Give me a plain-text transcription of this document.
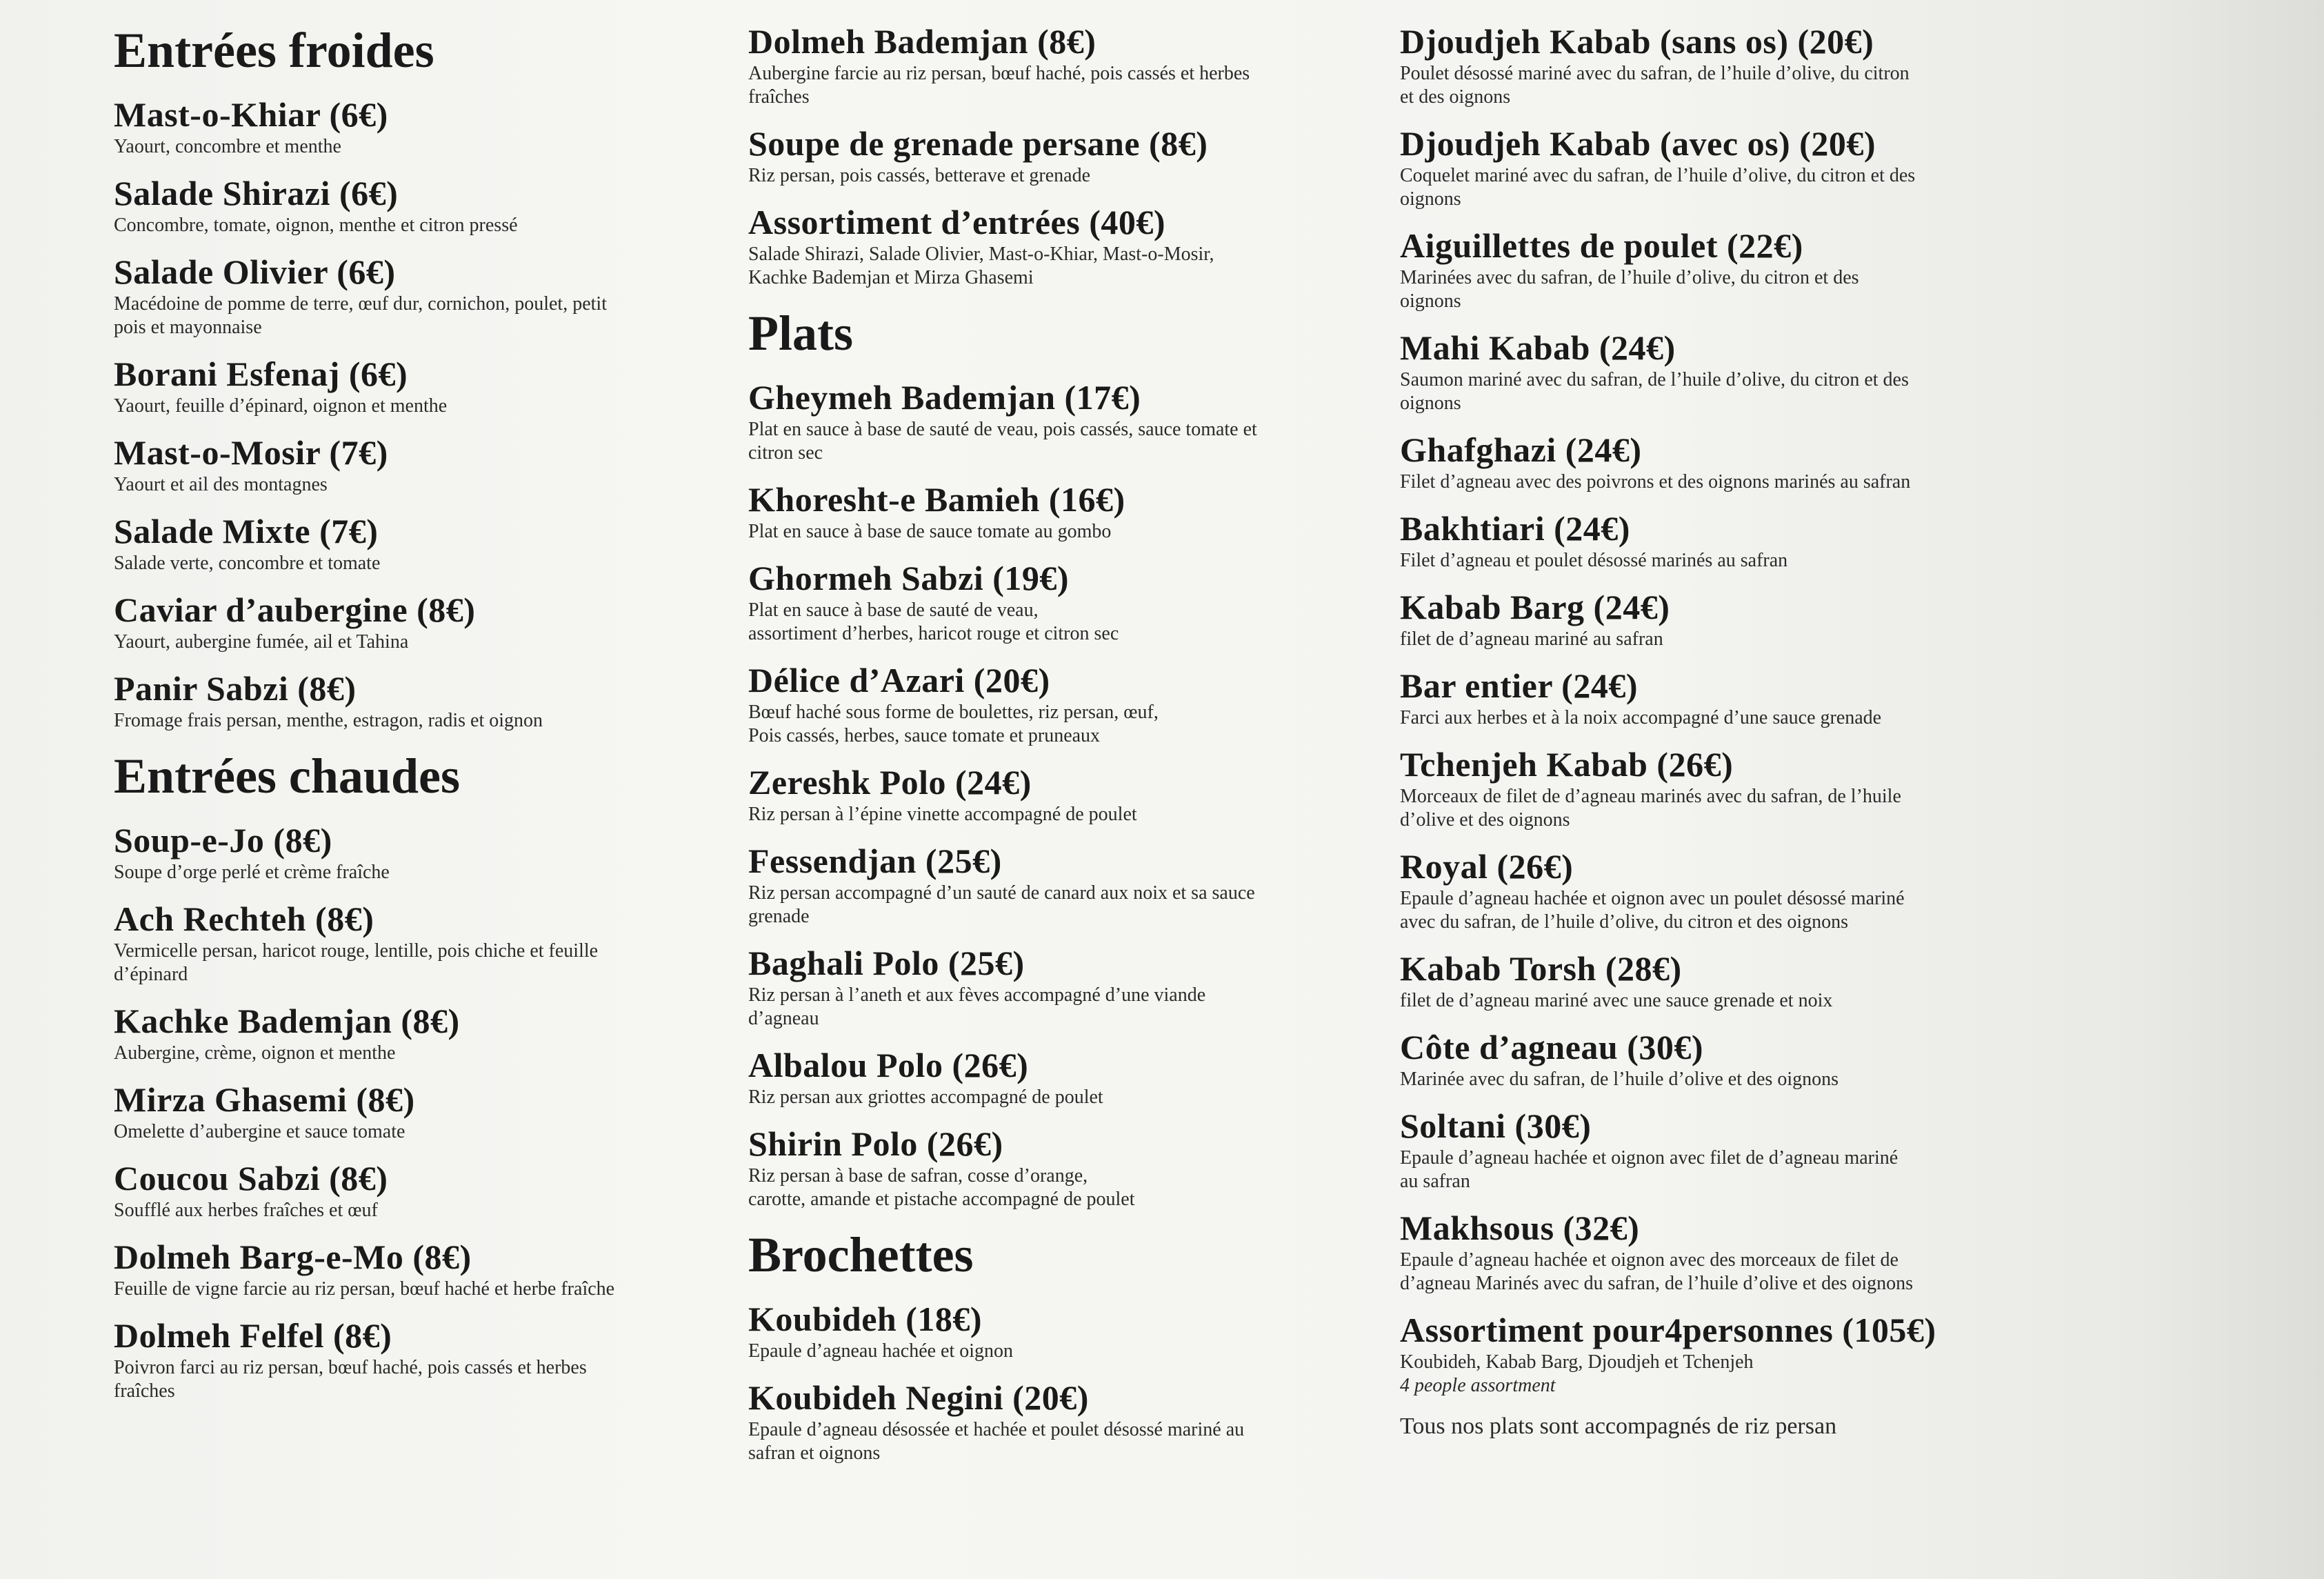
Entrées froides
Mast-o-Khiar (6€)
Yaourt, concombre et menthe
Salade Shirazi (6€)
Concombre, tomate, oignon, menthe et citron pressé
Salade Olivier (6€)
Macédoine de pomme de terre, œuf dur, cornichon, poulet, petit
pois et mayonnaise
Borani Esfenaj (6€)
Yaourt, feuille d’épinard, oignon et menthe
Mast-o-Mosir (7€)
Yaourt et ail des montagnes
Salade Mixte (7€)
Salade verte, concombre et tomate
Caviar d’aubergine (8€)
Yaourt, aubergine fumée, ail et Tahina
Panir Sabzi (8€)
Fromage frais persan, menthe, estragon, radis et oignon
Entrées chaudes
Soup-e-Jo (8€)
Soupe d’orge perlé et crème fraîche
Ach Rechteh (8€)
Vermicelle persan, haricot rouge, lentille, pois chiche et feuille
d’épinard
Kachke Bademjan (8€)
Aubergine, crème, oignon et menthe
Mirza Ghasemi (8€)
Omelette d’aubergine et sauce tomate
Coucou Sabzi (8€)
Soufflé aux herbes fraîches et œuf
Dolmeh Barg-e-Mo (8€)
Feuille de vigne farcie au riz persan, bœuf haché et herbe fraîche
Dolmeh Felfel (8€)
Poivron farci au riz persan, bœuf haché, pois cassés et herbes
fraîches
Dolmeh Bademjan (8€)
Aubergine farcie au riz persan, bœuf haché, pois cassés et herbes
fraîches
Soupe de grenade persane (8€)
Riz persan, pois cassés, betterave et grenade
Assortiment d’entrées (40€)
Salade Shirazi, Salade Olivier, Mast-o-Khiar, Mast-o-Mosir,
Kachke Bademjan et Mirza Ghasemi
Plats
Gheymeh Bademjan (17€)
Plat en sauce à base de sauté de veau, pois cassés, sauce tomate et
citron sec
Khoresht-e Bamieh (16€)
Plat en sauce à base de sauce tomate au gombo
Ghormeh Sabzi (19€)
Plat en sauce à base de sauté de veau,
assortiment d’herbes, haricot rouge et citron sec
Délice d’Azari (20€)
Bœuf haché sous forme de boulettes, riz persan, œuf,
Pois cassés, herbes, sauce tomate et pruneaux
Zereshk Polo (24€)
Riz persan à l’épine vinette accompagné de poulet
Fessendjan (25€)
Riz persan accompagné d’un sauté de canard aux noix et sa sauce
grenade
Baghali Polo (25€)
Riz persan à l’aneth et aux fèves accompagné d’une viande
d’agneau
Albalou Polo (26€)
Riz persan aux griottes accompagné de poulet
Shirin Polo (26€)
Riz persan à base de safran, cosse d’orange,
carotte, amande et pistache accompagné de poulet
Brochettes
Koubideh (18€)
Epaule d’agneau hachée et oignon
Koubideh Negini (20€)
Epaule d’agneau désossée et hachée et poulet désossé mariné au
safran et oignons
Djoudjeh Kabab (sans os) (20€)
Poulet désossé mariné avec du safran, de l’huile d’olive, du citron
et des oignons
Djoudjeh Kabab (avec os) (20€)
Coquelet mariné avec du safran, de l’huile d’olive, du citron et des
oignons
Aiguillettes de poulet (22€)
Marinées avec du safran, de l’huile d’olive, du citron et des
oignons
Mahi Kabab (24€)
Saumon mariné avec du safran, de l’huile d’olive, du citron et des
oignons
Ghafghazi (24€)
Filet d’agneau avec des poivrons et des oignons marinés au safran
Bakhtiari (24€)
Filet d’agneau et poulet désossé marinés au safran
Kabab Barg (24€)
filet de d’agneau mariné au safran
Bar entier (24€)
Farci aux herbes et à la noix accompagné d’une sauce grenade
Tchenjeh Kabab (26€)
Morceaux de filet de d’agneau marinés avec du safran, de l’huile
d’olive et des oignons
Royal (26€)
Epaule d’agneau hachée et oignon avec un poulet désossé mariné
avec du safran, de l’huile d’olive, du citron et des oignons
Kabab Torsh (28€)
filet de d’agneau mariné avec une sauce grenade et noix
Côte d’agneau (30€)
Marinée avec du safran, de l’huile d’olive et des oignons
Soltani (30€)
Epaule d’agneau hachée et oignon avec filet de d’agneau mariné
au safran
Makhsous (32€)
Epaule d’agneau hachée et oignon avec des morceaux de filet de
d’agneau Marinés avec du safran, de l’huile d’olive et des oignons
Assortiment pour4personnes (105€)
Koubideh, Kabab Barg, Djoudjeh et Tchenjeh
4 people assortment
Tous nos plats sont accompagnés de riz persan
